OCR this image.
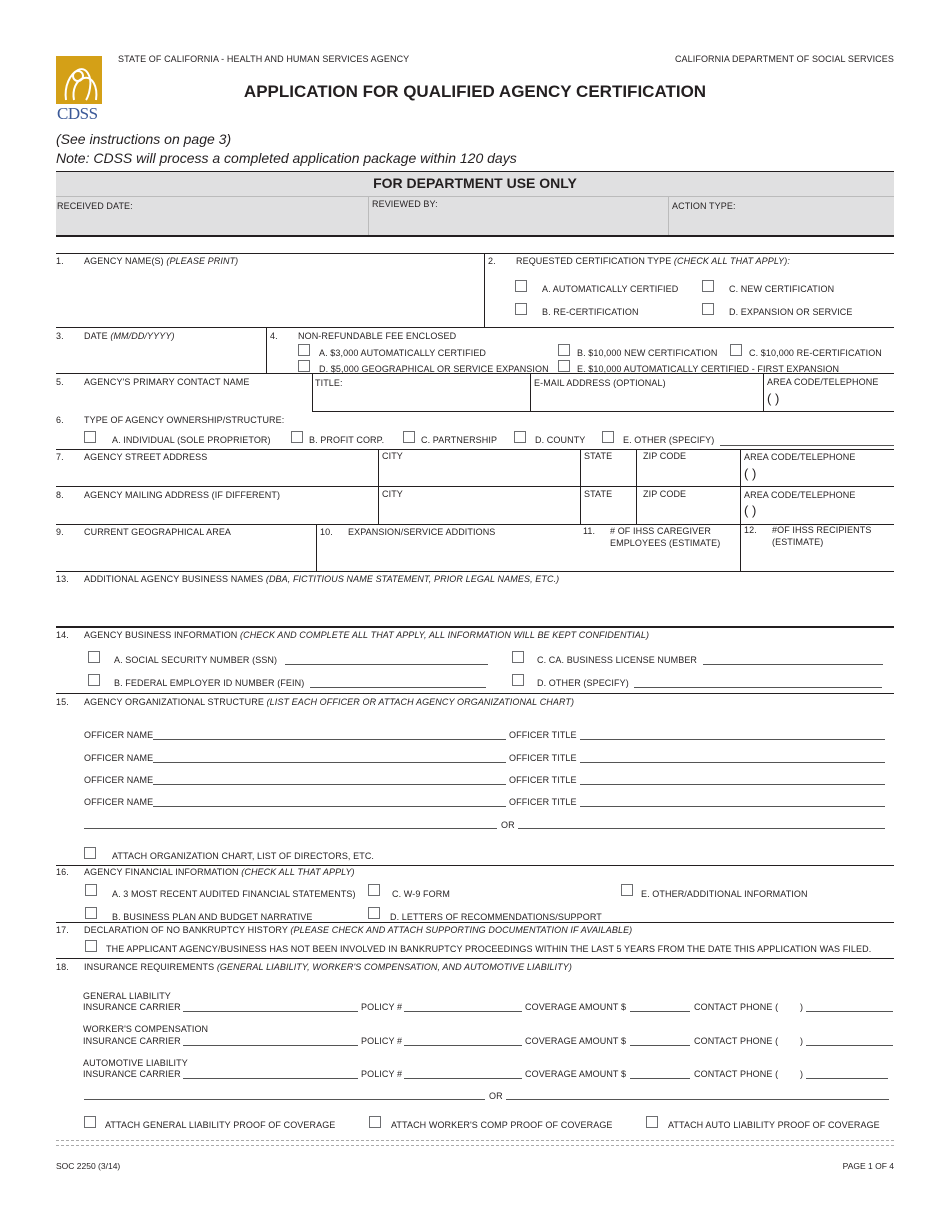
CDSS
STATE OF CALIFORNIA - HEALTH AND HUMAN SERVICES AGENCY	CALIFORNIA DEPARTMENT OF SOCIAL SERVICES
APPLICATION FOR QUALIFIED AGENCY CERTIFICATION
(See instructions on page 3)
Note: CDSS will process a completed application package within 120 days
FOR DEPARTMENT USE ONLY
RECEIVED DATE:	REVIEWED BY:	ACTION TYPE:
1. AGENCY NAME(S) (PLEASE PRINT)	2. REQUESTED CERTIFICATION TYPE (CHECK ALL THAT APPLY):
A. AUTOMATICALLY CERTIFIED	C. NEW CERTIFICATION
B. RE-CERTIFICATION	D. EXPANSION OR SERVICE
3. DATE (MM/DD/YYYY)	4. NON-REFUNDABLE FEE ENCLOSED
A. $3,000 AUTOMATICALLY CERTIFIED	B. $10,000 NEW CERTIFICATION	C. $10,000 RE-CERTIFICATION
D. $5,000 GEOGRAPHICAL OR SERVICE EXPANSION	E. $10,000 AUTOMATICALLY CERTIFIED - FIRST EXPANSION
5. AGENCY'S PRIMARY CONTACT NAME	TITLE:	E-MAIL ADDRESS (OPTIONAL)	AREA CODE/TELEPHONE
( )
6. TYPE OF AGENCY OWNERSHIP/STRUCTURE:
A. INDIVIDUAL (SOLE PROPRIETOR)	B. PROFIT CORP.	C. PARTNERSHIP	D. COUNTY	E. OTHER (SPECIFY)
7. AGENCY STREET ADDRESS	CITY	STATE	ZIP CODE	AREA CODE/TELEPHONE
( )
8. AGENCY MAILING ADDRESS (IF DIFFERENT)	CITY	STATE	ZIP CODE	AREA CODE/TELEPHONE
( )
9. CURRENT GEOGRAPHICAL AREA	10. EXPANSION/SERVICE ADDITIONS	11. # OF IHSS CAREGIVER
EMPLOYEES (ESTIMATE)
12. #OF IHSS RECIPIENTS
(ESTIMATE)
13. ADDITIONAL AGENCY BUSINESS NAMES (DBA, FICTITIOUS NAME STATEMENT, PRIOR LEGAL NAMES, ETC.)
14. AGENCY BUSINESS INFORMATION (CHECK AND COMPLETE ALL THAT APPLY, ALL INFORMATION WILL BE KEPT CONFIDENTIAL)
A. SOCIAL SECURITY NUMBER (SSN)	C. CA. BUSINESS LICENSE NUMBER
B. FEDERAL EMPLOYER ID NUMBER (FEIN)	D. OTHER (SPECIFY)
15. AGENCY ORGANIZATIONAL STRUCTURE (LIST EACH OFFICER OR ATTACH AGENCY ORGANIZATIONAL CHART)
OFFICER NAME	OFFICER TITLE
OFFICER NAME	OFFICER TITLE
OFFICER NAME	OFFICER TITLE
OFFICER NAME	OFFICER TITLE
OR
ATTACH ORGANIZATION CHART, LIST OF DIRECTORS, ETC.
16. AGENCY FINANCIAL INFORMATION (CHECK ALL THAT APPLY)
A. 3 MOST RECENT AUDITED FINANCIAL STATEMENTS)	C. W-9 FORM	E. OTHER/ADDITIONAL INFORMATION
B. BUSINESS PLAN AND BUDGET NARRATIVE	D. LETTERS OF RECOMMENDATIONS/SUPPORT
17. DECLARATION OF NO BANKRUPTCY HISTORY (PLEASE CHECK AND ATTACH SUPPORTING DOCUMENTATION IF AVAILABLE)
THE APPLICANT AGENCY/BUSINESS HAS NOT BEEN INVOLVED IN BANKRUPTCY PROCEEDINGS WITHIN THE LAST 5 YEARS FROM THE DATE THIS APPLICATION WAS FILED.
18. INSURANCE REQUIREMENTS (GENERAL LIABILITY, WORKER'S COMPENSATION, AND AUTOMOTIVE LIABILITY)
GENERAL LIABILITY
INSURANCE CARRIER	POLICY #	COVERAGE AMOUNT $	CONTACT PHONE ( )
WORKER'S COMPENSATION
INSURANCE CARRIER	POLICY #	COVERAGE AMOUNT $	CONTACT PHONE ( )
AUTOMOTIVE LIABILITY
INSURANCE CARRIER	POLICY #	COVERAGE AMOUNT $	CONTACT PHONE ( )
OR
ATTACH GENERAL LIABILITY PROOF OF COVERAGE	ATTACH WORKER'S COMP PROOF OF COVERAGE	ATTACH AUTO LIABILITY PROOF OF COVERAGE
SOC 2250 (3/14)	PAGE 1 OF 4
